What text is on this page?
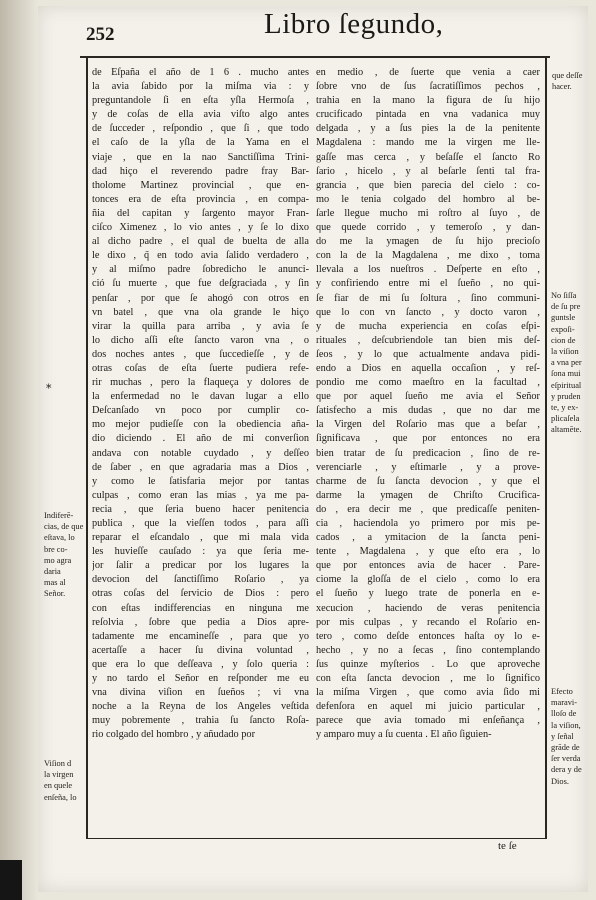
252	Libro ſegundo,
de Eſpaña el año de 1 6 . mucho antes
la avia ſabido por la miſma via : y
preguntandole ſi en eſta yſla Hermoſa ,
y de coſas de ella avia viſto algo antes
de ſucceder , reſpondio , que ſi , que todo
el caſo de la yſla de la Yama en el
viaje , que en la nao Sanctiſſima Trini-
dad hiço el reverendo padre fray Bar-
tholome Martinez provincial , que en-
tonces era de eſta provincia , en compa-
ñia del capitan y ſargento mayor Fran-
ciſco Ximenez , lo vio antes , y ſe lo dixo
al dicho padre , el qual de buelta de alla
le dixo , q̃ en todo avia ſalido verdadero ,
y al miſmo padre ſobredicho le anunci-
ció ſu muerte , que fue deſgraciada , y ſin
penſar , por que ſe ahogó con otros en
vn batel , que vna ola grande le hiço
virar la quilla para arriba , y avia ſe
lo dicho aſſi eſte ſancto varon vna , o
dos noches antes , que ſuccedieſſe , y de
otras coſas de eſta ſuerte pudiera refe-
rir muchas , pero la flaqueça y dolores de
la enfermedad no le davan lugar a ello
Deſcanſado vn poco por cumplir co-
mo mejor pudieſſe con la obediencia aña-
dio diciendo . El año de mi converſion
andava con notable cuydado , y deſſeo
de ſaber , en que agradaria mas a Dios ,
y como le ſatisfaria mejor por tantas
culpas , como eran las mias , ya me pa-
recia , que ſeria bueno hacer penitencia
publica , que la vieſſen todos , para aſſi
reparar el eſcandalo , que mi mala vida
les huvieſſe cauſado : ya que ſeria me-
jor ſalir a predicar por los lugares la
devocion del ſanctiſſimo Roſario , ya
otras coſas del ſervicio de Dios : pero
con eſtas indifferencias en ninguna me
reſolvia , ſobre que pedia a Dios apre-
tadamente me encamineſſe , para que yo
acertaſſe a hacer ſu divina voluntad ,
que era lo que deſſeava , y ſolo queria :
y no tardo el Señor en reſponder me eu
vna divina viſion en ſueños ; vi vna
noche a la Reyna de los Angeles veſtida
muy pobremente , trahia ſu ſancto Roſa-
rio colgado del hombro , y añudado por
en medio , de ſuerte que venia a caer
ſobre vno de ſus ſacratiſſimos pechos ,
trahia en la mano la figura de ſu hijo
crucificado pintada en vna vadanica muy
delgada , y a ſus pies la de la penitente
Magdalena : mando me la virgen me lle-
gaſſe mas cerca , y beſaſſe el ſancto Ro
ſario , hicelo , y al beſarle ſenti tal fra-
grancia , que bien parecia del cielo : co-
mo le tenia colgado del hombro al be-
ſarle llegue mucho mi roſtro al ſuyo , de
que quede corrido , y temeroſo , y dan-
do me la ymagen de ſu hijo precioſo
con la de la Magdalena , me dixo , toma
llevala a los nueſtros . Deſperte en eſto ,
y confiriendo entre mi el ſueño , no qui-
ſe fiar de mi ſu ſoltura , ſino communi-
que lo con vn ſancto , y docto varon ,
y de mucha experiencia en coſas eſpi-
rituales , deſcubriendole tan bien mis deſ-
ſeos , y lo que actualmente andava pidi-
endo a Dios en aquella occaſion , y reſ-
pondio me como maeſtro en la facultad ,
que por aquel ſueño me avia el Señor
ſatisfecho a mis dudas , que no dar me
la Virgen del Roſario mas que a beſar ,
ſignificava , que por entonces no era
bien tratar de ſu predicacion , ſino de re-
verenciarle , y eſtimarle , y a prove-
charme de ſu ſancta devocion , y que el
darme la ymagen de Chriſto Crucifica-
do , era decir me , que predicaſſe peniten-
cia , haciendola yo primero por mis pe-
cados , a ymitacion de la ſancta peni-
tente , Magdalena , y que eſto era , lo
que por entonces avia de hacer . Pare-
ciome la gloſſa de el cielo , como lo era
el ſueño y luego trate de ponerla en e-
xecucion , haciendo de veras penitencia
por mis culpas , y recando el Roſario en-
tero , como deſde entonces haſta oy lo e-
hecho , y no a ſecas , ſino contemplando
ſus quinze myſterios . Lo que aproveche
con eſta ſancta devocion , me lo ſignifico
la miſma Virgen , que como avia ſido mi
defenſora en aquel mi juicio particular ,
parece que avia tomado mi enſeñança ,
y amparo muy a ſu cuenta . El año ſiguien-
que deſſe
hacer.
No ſiſſa
de ſu pre
guntsle
expoſi-
cion de
la viſion
a vna per
ſona mui
eſpiritual
y pruden
te, y ex-
plicaſela
altamēte.
Indiferē-
cias, de que
eſtava, lo
bre co-
mo agra
daria
mas al
Señor.
Efecto
maravi-
lloſo de
la viſion,
y ſeñal
grāde de
ſer verda
dera y de
Dios.
Viſion d
la virgen
en quele
enſeña, lo
*
te ſe
